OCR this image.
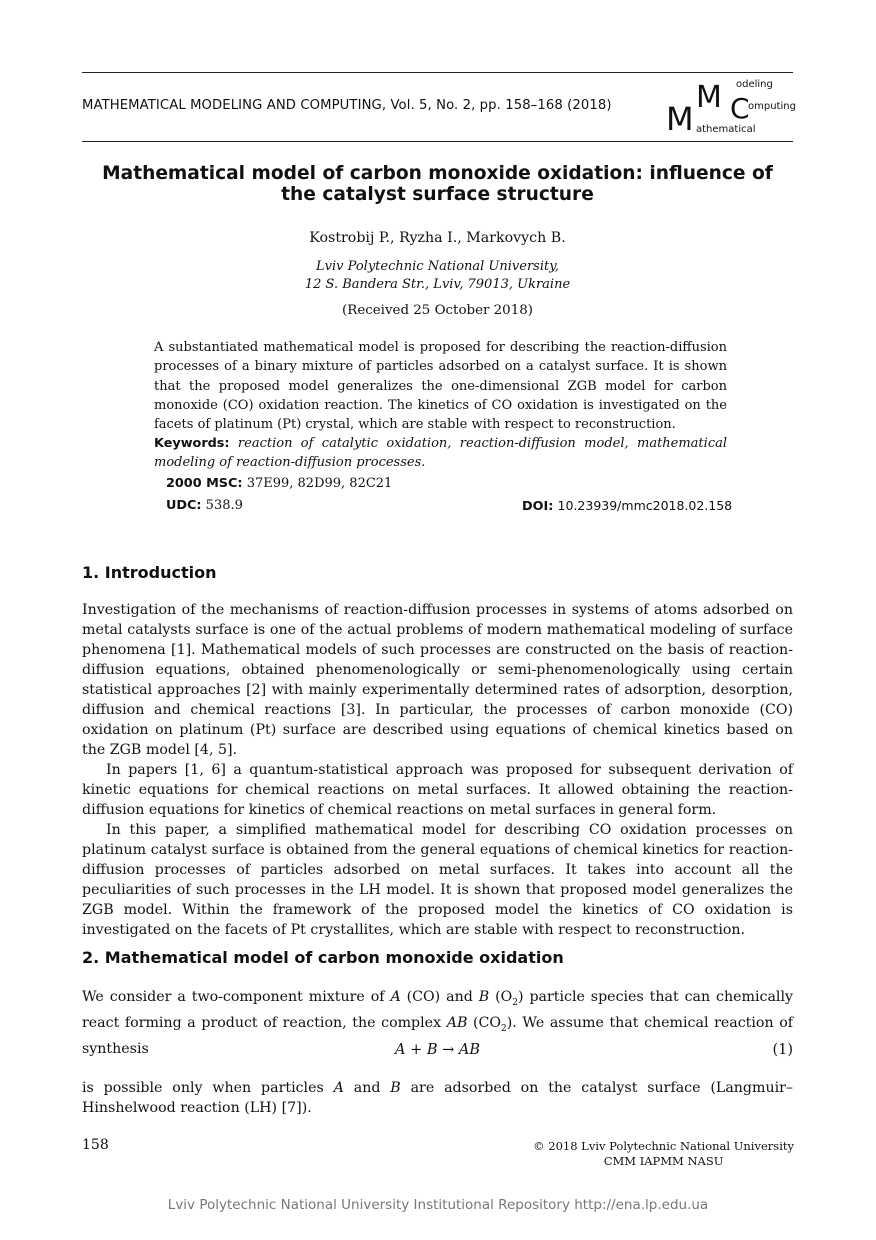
MATHEMATICAL MODELING AND COMPUTING, Vol. 5, No. 2, pp. 158–168 (2018) M
M C
odeling
omputing
athematical
Mathematical model of carbon monoxide oxidation: influence of the catalyst surface structure
Kostrobij P., Ryzha I., Markovych B.
Lviv Polytechnic National University,
12 S. Bandera Str., Lviv, 79013, Ukraine
(Received 25 October 2018)
A substantiated mathematical model is proposed for describing the reaction-diffusion processes of a binary mixture of particles adsorbed on a catalyst surface. It is shown that the proposed model generalizes the one-dimensional ZGB model for carbon monoxide (CO) oxidation reaction. The kinetics of CO oxidation is investigated on the facets of platinum (Pt) crystal, which are stable with respect to reconstruction.
Keywords: reaction of catalytic oxidation, reaction-diffusion model, mathematical modeling of reaction-diffusion processes.
2000 MSC: 37E99, 82D99, 82C21
UDC: 538.9	DOI: 10.23939/mmc2018.02.158
1. Introduction

Investigation of the mechanisms of reaction-diffusion processes in systems of atoms adsorbed on metal catalysts surface is one of the actual problems of modern mathematical modeling of surface phenomena [1]. Mathematical models of such processes are constructed on the basis of reaction-diffusion equations, obtained phenomenologically or semi-phenomenologically using certain statistical approaches [2] with mainly experimentally determined rates of adsorption, desorption, diffusion and chemical reactions [3]. In particular, the processes of carbon monoxide (CO) oxidation on platinum (Pt) surface are described using equations of chemical kinetics based on the ZGB model [4, 5].

In papers [1, 6] a quantum-statistical approach was proposed for subsequent derivation of kinetic equations for chemical reactions on metal surfaces. It allowed obtaining the reaction-diffusion equations for kinetics of chemical reactions on metal surfaces in general form.

In this paper, a simplified mathematical model for describing CO oxidation processes on platinum catalyst surface is obtained from the general equations of chemical kinetics for reaction-diffusion processes of particles adsorbed on metal surfaces. It takes into account all the peculiarities of such processes in the LH model. It is shown that proposed model generalizes the ZGB model. Within the framework of the proposed model the kinetics of CO oxidation is investigated on the facets of Pt crystallites, which are stable with respect to reconstruction.

2. Mathematical model of carbon monoxide oxidation

We consider a two-component mixture of A (CO) and B $(O_2)$ particle species that can chemically react forming a product of reaction, the complex AB $(CO_2)$. We assume that chemical reaction of synthesis	A + B → AB	(1)

is possible only when particles A and B are adsorbed on the catalyst surface (Langmuir–Hinshelwood reaction (LH) [7]).

158	© 2018 Lviv Polytechnic National University
CMM IAPMM NASU
Lviv Polytechnic National University Institutional Repository http://ena.lp.edu.ua
